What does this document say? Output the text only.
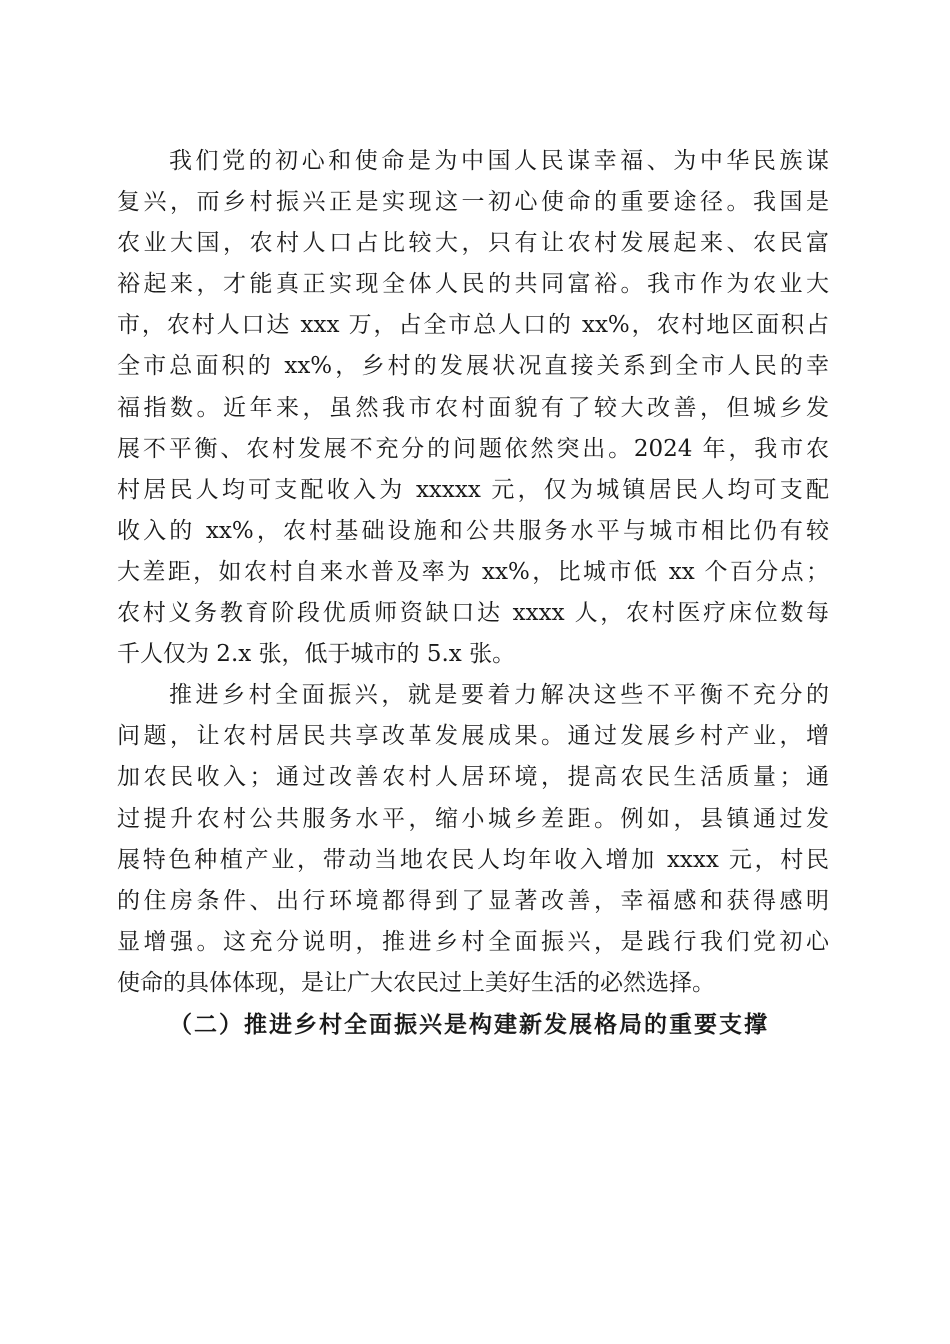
我们党的初心和使命是为中国人民谋幸福、为中华民族谋
复兴，而乡村振兴正是实现这一初心使命的重要途径。我国是
农业大国，农村人口占比较大，只有让农村发展起来、农民富
裕起来，才能真正实现全体人民的共同富裕。我市作为农业大
市，农村人口达 xxx 万，占全市总人口的 xx%，农村地区面积占
全市总面积的 xx%，乡村的发展状况直接关系到全市人民的幸
福指数。近年来，虽然我市农村面貌有了较大改善，但城乡发
展不平衡、农村发展不充分的问题依然突出。2024 年，我市农
村居民人均可支配收入为 xxxxx 元，仅为城镇居民人均可支配
收入的 xx%，农村基础设施和公共服务水平与城市相比仍有较
大差距，如农村自来水普及率为 xx%，比城市低 xx 个百分点；
农村义务教育阶段优质师资缺口达 xxxx 人，农村医疗床位数每
千人仅为 2.x 张，低于城市的 5.x 张。
推进乡村全面振兴，就是要着力解决这些不平衡不充分的
问题，让农村居民共享改革发展成果。通过发展乡村产业，增
加农民收入；通过改善农村人居环境，提高农民生活质量；通
过提升农村公共服务水平，缩小城乡差距。例如，县镇通过发
展特色种植产业，带动当地农民人均年收入增加 xxxx 元，村民
的住房条件、出行环境都得到了显著改善，幸福感和获得感明
显增强。这充分说明，推进乡村全面振兴，是践行我们党初心
使命的具体体现，是让广大农民过上美好生活的必然选择。
（二）推进乡村全面振兴是构建新发展格局的重要支撑
